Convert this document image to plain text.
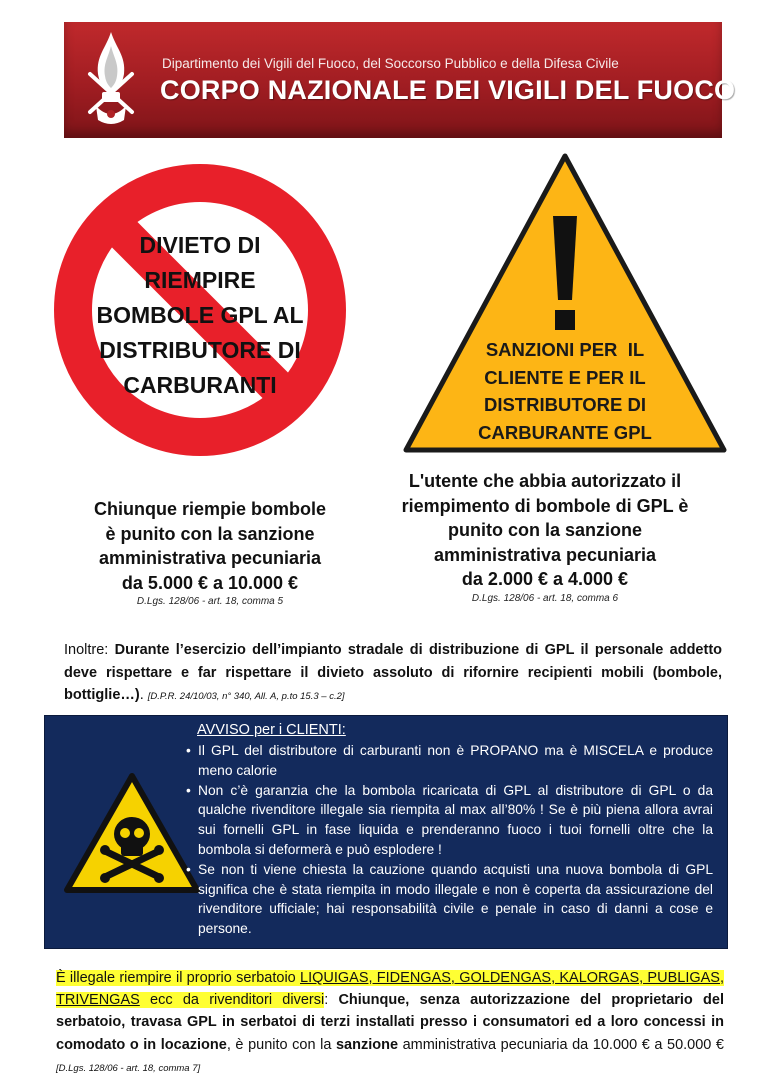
Dipartimento dei Vigili del Fuoco, del Soccorso Pubblico e della Difesa Civile
CORPO NAZIONALE DEI VIGILI DEL FUOCO
DIVIETO DI
RIEMPIRE
BOMBOLE GPL AL
DISTRIBUTORE DI
CARBURANTI
SANZIONI PER  IL
CLIENTE E PER IL
DISTRIBUTORE DI
CARBURANTE GPL
Chiunque riempie bombole
è punito con la sanzione
amministrativa pecuniaria
da 5.000 € a 10.000 €
D.Lgs. 128/06 - art. 18, comma 5
L'utente che abbia autorizzato il
riempimento di bombole di GPL è
punito con la sanzione
amministrativa pecuniaria
da 2.000 € a 4.000 €
D.Lgs. 128/06 - art. 18, comma 6
Inoltre: Durante l’esercizio dell’impianto stradale di distribuzione di GPL il personale addetto deve rispettare e far rispettare il divieto assoluto di rifornire recipienti mobili (bombole, bottiglie…). [D.P.R. 24/10/03, n° 340, All. A, p.to 15.3 – c.2]
AVVISO per i CLIENTI:
• Il GPL del distributore di carburanti non è PROPANO ma è MISCELA e produce meno calorie
• Non c’è garanzia che la bombola ricaricata di GPL al distributore di GPL o da qualche rivenditore illegale sia riempita al max all’80% ! Se è più piena allora avrai sui fornelli GPL in fase liquida e prenderanno fuoco i tuoi fornelli oltre che la bombola si deformerà e può esplodere !
• Se non ti viene chiesta la cauzione quando acquisti una nuova bombola di GPL significa che è stata riempita in modo illegale e non è coperta da assicurazione del rivenditore ufficiale; hai responsabilità civile e penale in caso di danni a cose e persone.
È illegale riempire il proprio serbatoio LIQUIGAS, FIDENGAS, GOLDENGAS, KALORGAS, PUBLIGAS, TRIVENGAS ecc da rivenditori diversi: Chiunque, senza autorizzazione del proprietario del serbatoio, travasa GPL in serbatoi di terzi installati presso i consumatori ed a loro concessi in comodato o in locazione, è punito con la sanzione amministrativa pecuniaria da 10.000 € a 50.000 € [D.Lgs. 128/06 - art. 18, comma 7]
